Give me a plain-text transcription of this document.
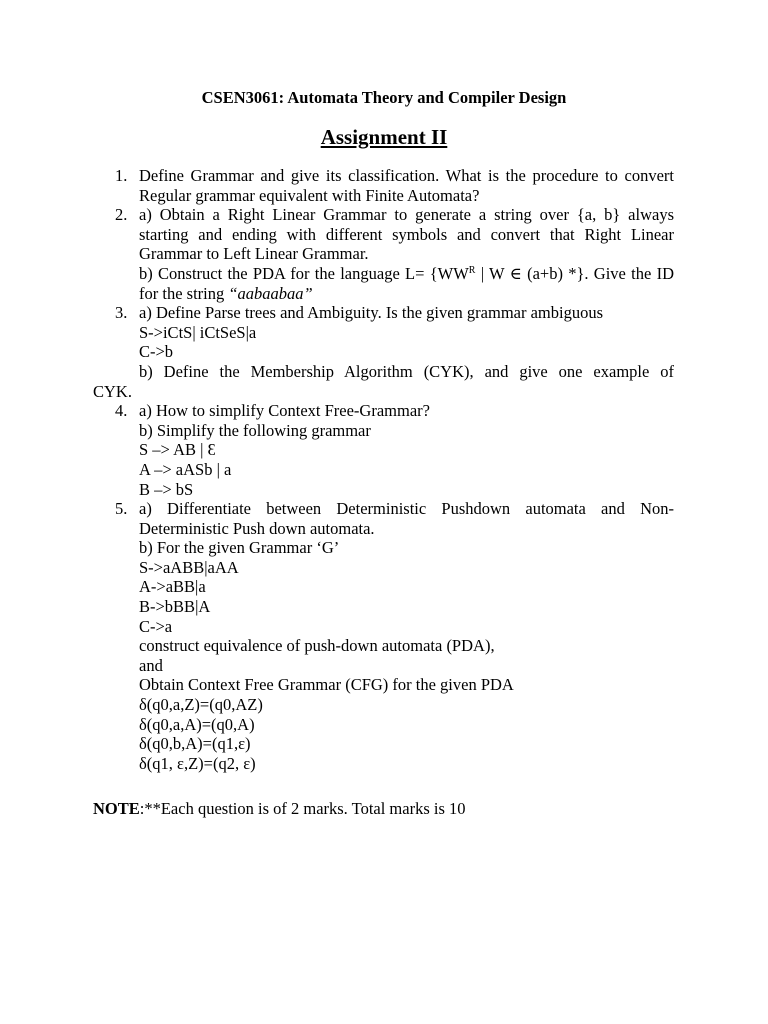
CSEN3061: Automata Theory and Compiler Design
Assignment II
1. Define Grammar and give its classification. What is the procedure to convert Regular grammar equivalent with Finite Automata?
2. a) Obtain a Right Linear Grammar to generate a string over {a, b} always starting and ending with different symbols and convert that Right Linear Grammar to Left Linear Grammar.
b) Construct the PDA for the language $L= \{WW^R$ | W ∈ (a+b) *}. Give the ID for the string “aabaabaa”
3. a) Define Parse trees and Ambiguity. Is the given grammar ambiguous
S->iCtS| iCtSeS|a
C->b
b) Define the Membership Algorithm (CYK), and give one example of
CYK.
4. a) How to simplify Context Free-Grammar?
b) Simplify the following grammar
S –> AB | Ɛ
A –> aASb | a
B –> bS
5. a) Differentiate between Deterministic Pushdown automata and Non-Deterministic Push down automata.
b) For the given Grammar ‘G’
S->aABB|aAA
A->aBB|a
B->bBB|A
C->a
construct equivalence of push-down automata (PDA),
and
Obtain Context Free Grammar (CFG) for the given PDA
δ(q0,a,Z)=(q0,AZ)
δ(q0,a,A)=(q0,A)
δ(q0,b,A)=(q1,ε)
δ(q1, ε,Z)=(q2, ε)
NOTE:**Each question is of 2 marks. Total marks is 10
